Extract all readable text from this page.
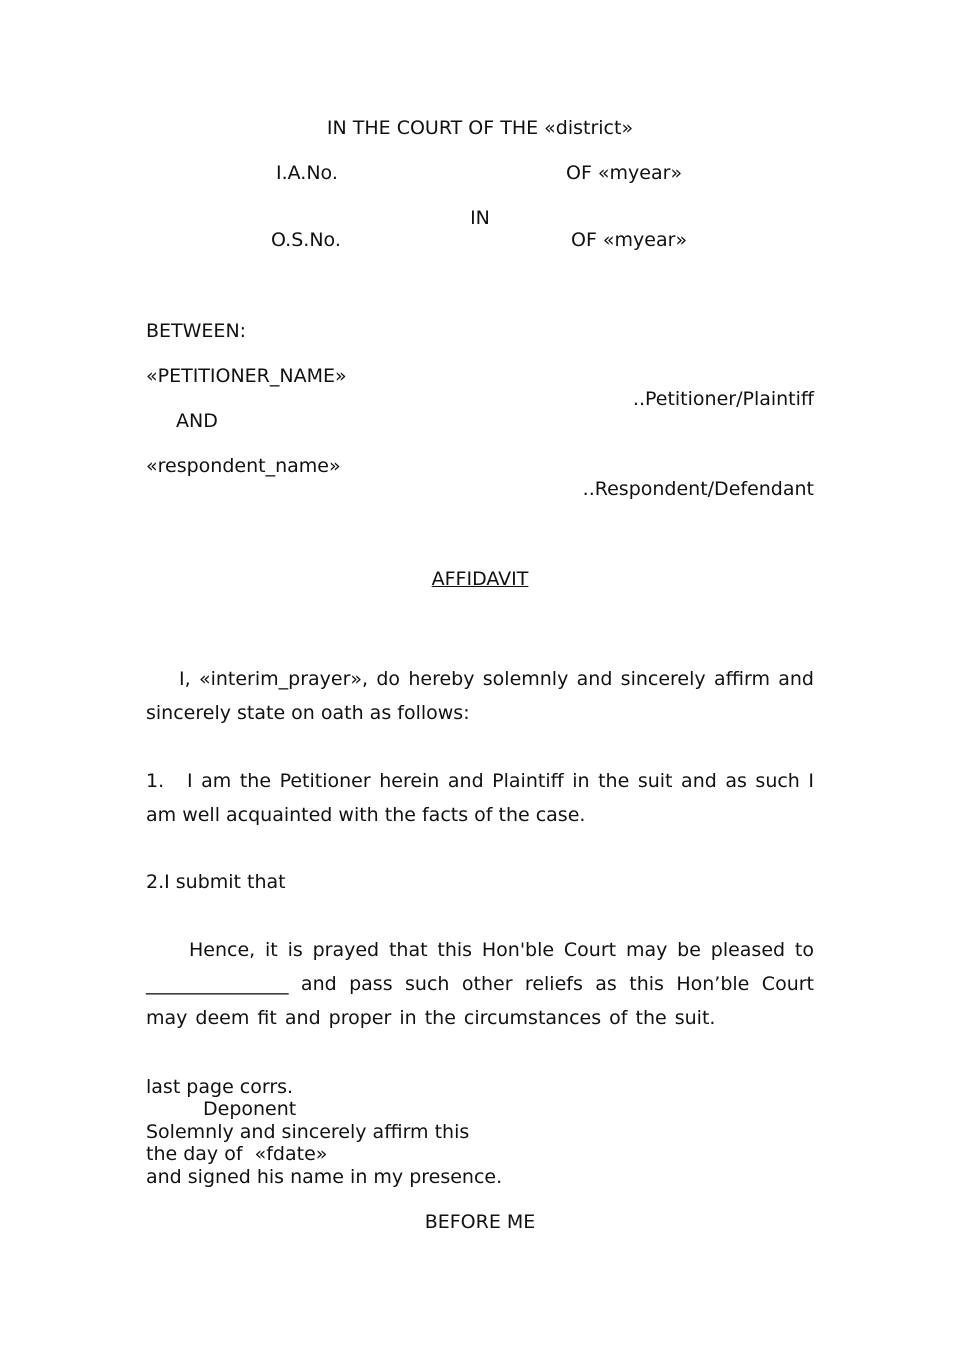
IN THE COURT OF THE «district»
I.A.No.	OF «myear»
IN
O.S.No.	OF «myear»
BETWEEN:
«PETITIONER_NAME»
..Petitioner/Plaintiff
AND
«respondent_name»
..Respondent/Defendant
AFFIDAVIT
I, «interim_prayer», do hereby solemnly and sincerely affirm and sincerely state on oath as follows:
1. I am the Petitioner herein and Plaintiff in the suit and as such I am well acquainted with the facts of the case.
2.I submit that
Hence, it is prayed that this Hon'ble Court may be pleased to _______________ and pass such other reliefs as this Hon’ble Court may deem fit and proper in the circumstances of the suit.
last page corrs.
Deponent
Solemnly and sincerely affirm this
the day of  «fdate»
and signed his name in my presence.
BEFORE ME
